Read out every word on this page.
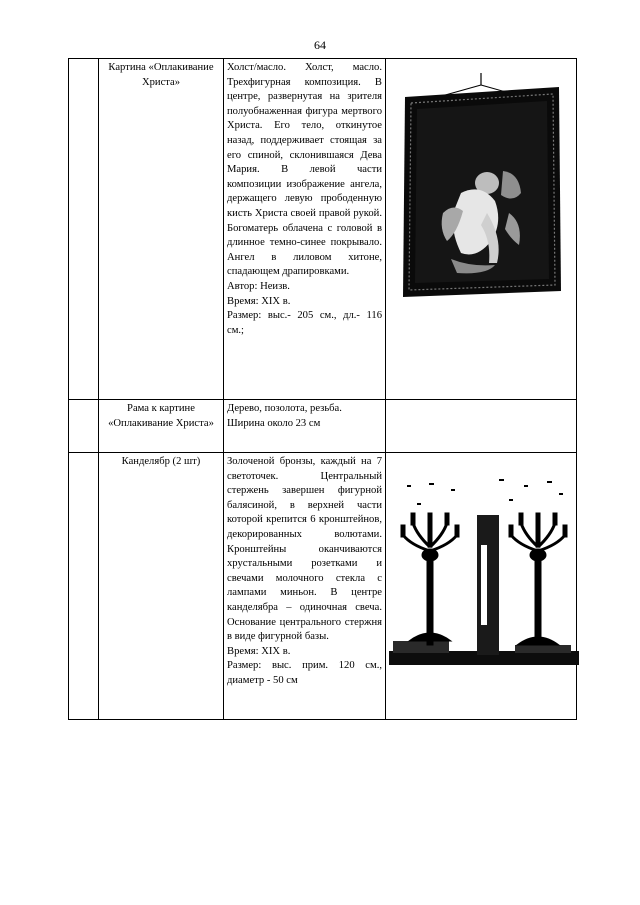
64
	Картина «Оплакивание Христа»	Холст/масло. Холст, масло. Трехфигурная композиция. В центре, развернутая на зрителя полуобнаженная фигура мертвого Христа. Его тело, откинутое назад, поддерживает стоящая за его спиной, склонившаяся Дева Мария. В левой части композиции изображение ангела, держащего левую прободенную кисть Христа своей правой рукой. Богоматерь облачена с головой в длинное темно-синее покрывало. Ангел в лиловом хитоне, спадающем драпировками.

Автор: Неизв.

Время: XIX в.

Размер: выс.- 205 см., дл.- 116 см.;

	Рама к картине «Оплакивание Христа»	Дерево, позолота, резьба.

Ширина около 23 см	

	Канделябр (2 шт)	Золоченой бронзы, каждый на 7 светоточек. Центральный стержень завершен фигурной балясиной, в верхней части которой крепится 6 кронштейнов, декорированных волютами. Кронштейны оканчиваются хрустальными розетками и свечами молочного стекла с лампами миньон. В центре канделябра – одиночная свеча. Основание центрального стержня в виде фигурной базы.

Время: XIX в.

Размер: выс. прим. 120 см., диаметр - 50 см
